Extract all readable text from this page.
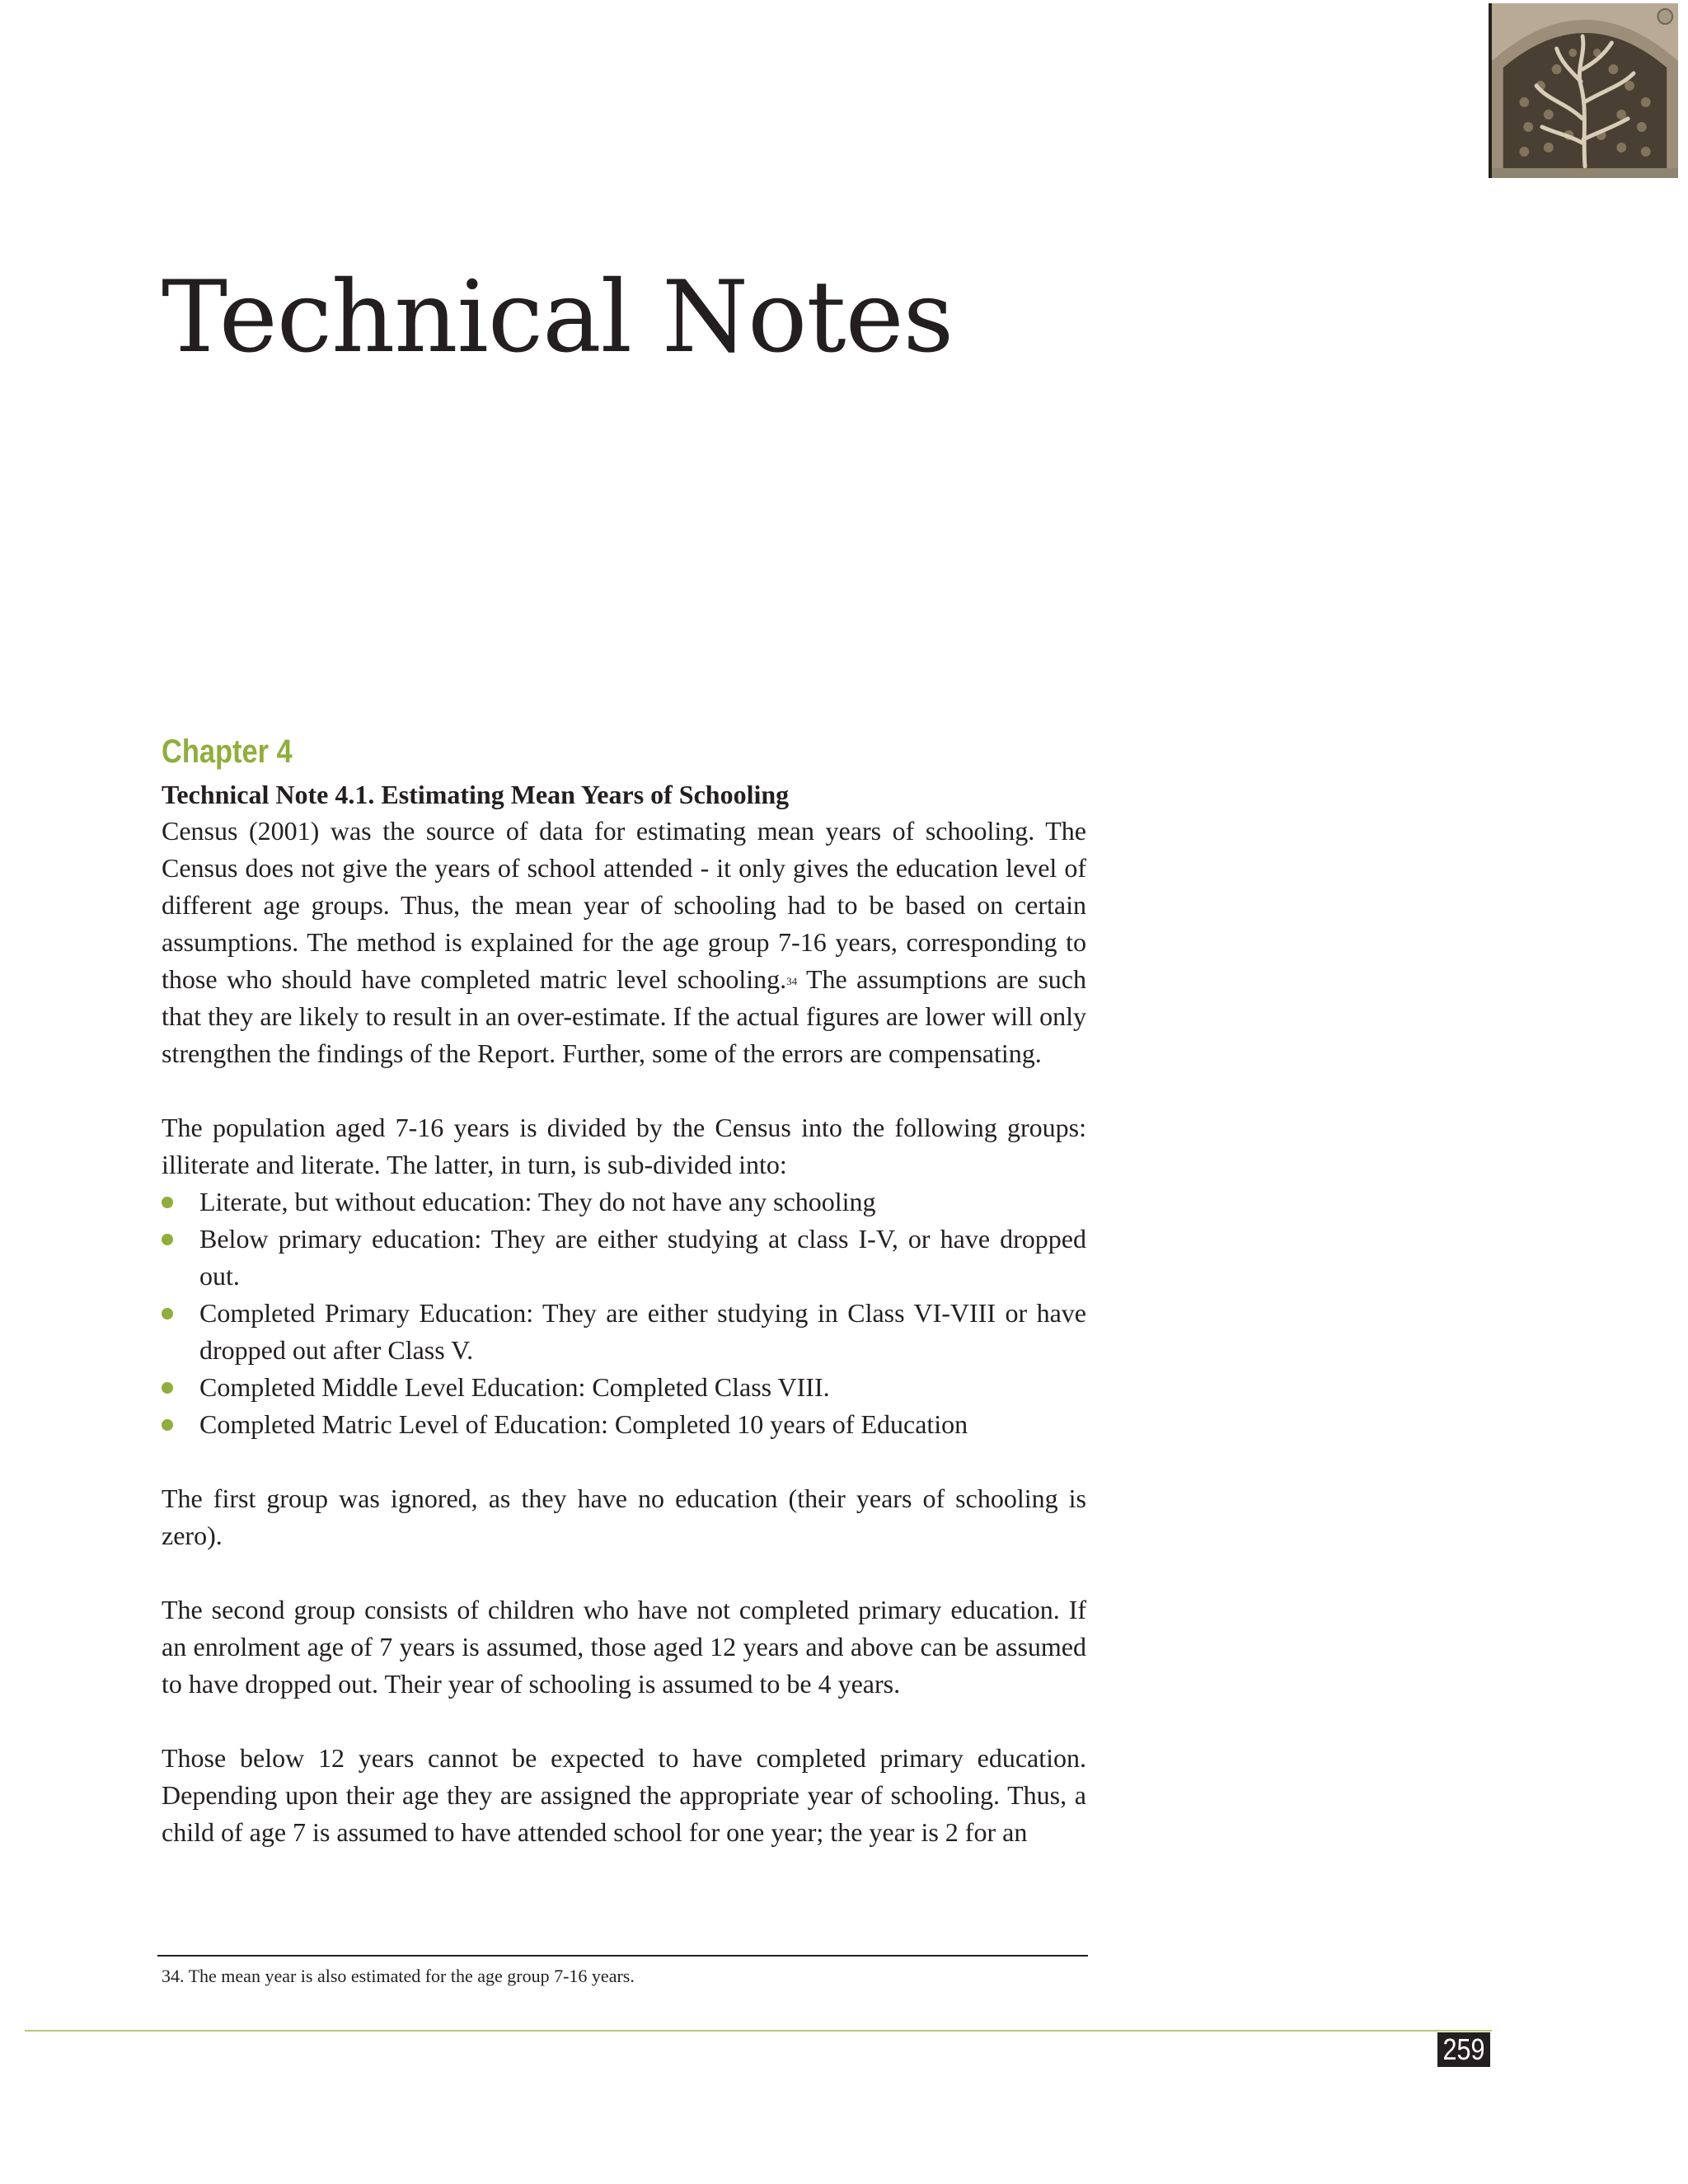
Technical Notes
Chapter 4
Technical Note 4.1. Estimating Mean Years of Schooling

Census (2001) was the source of data for estimating mean years of schooling. The Census does not give the years of school attended - it only gives the education level of different age groups. Thus, the mean year of schooling had to be based on certain assumptions. The method is explained for the age group 7-16 years, corresponding to those who should have completed matric level schooling.$^{34}$ The assumptions are such that they are likely to result in an over-estimate. If the actual figures are lower will only strengthen the findings of the Report. Further, some of the errors are compensating.

The population aged 7-16 years is divided by the Census into the following groups: illiterate and literate. The latter, in turn, is sub-divided into:

Literate, but without education: They do not have any schooling
Below primary education: They are either studying at class I-V, or have dropped out.
Completed Primary Education: They are either studying in Class VI-VIII or have dropped out after Class V.
Completed Middle Level Education: Completed Class VIII.
Completed Matric Level of Education: Completed 10 years of Education

The first group was ignored, as they have no education (their years of schooling is zero).

The second group consists of children who have not completed primary education. If an enrolment age of 7 years is assumed, those aged 12 years and above can be assumed to have dropped out. Their year of schooling is assumed to be 4 years.

Those below 12 years cannot be expected to have completed primary education. Depending upon their age they are assigned the appropriate year of schooling. Thus, a child of age 7 is assumed to have attended school for one year; the year is 2 for an

34. The mean year is also estimated for the age group 7-16 years.
259
